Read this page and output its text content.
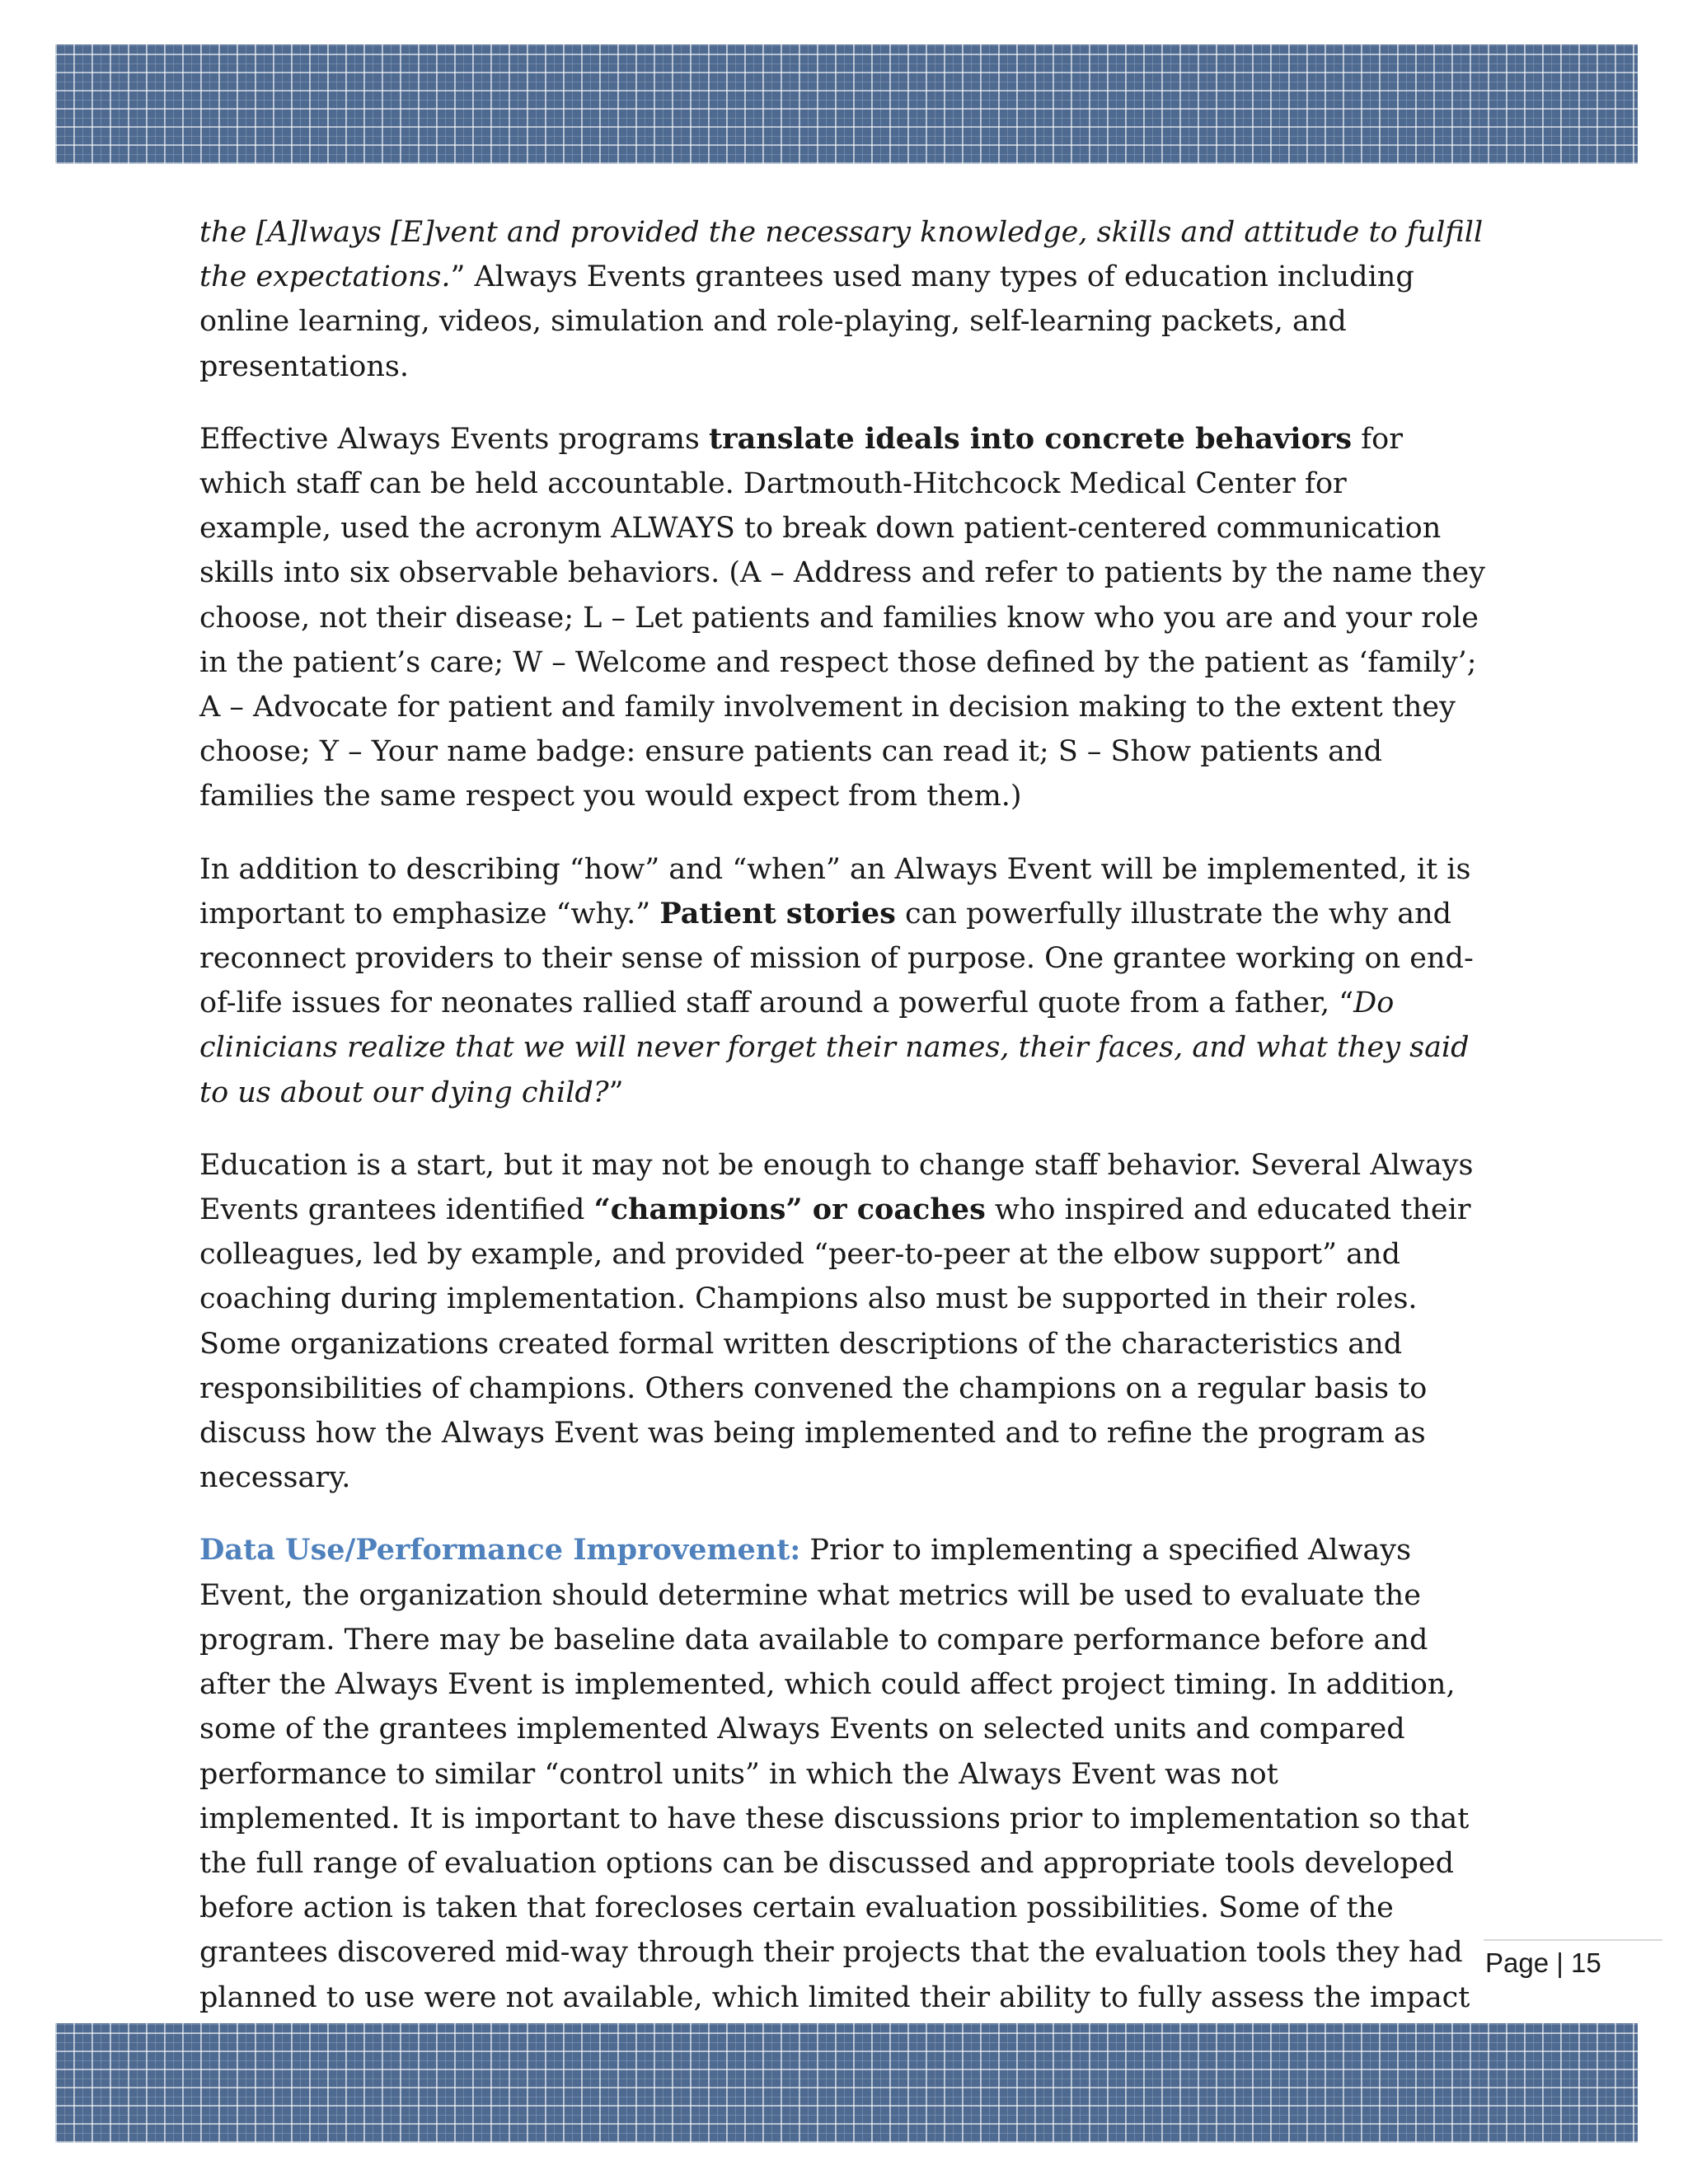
the [A]lways [E]vent and provided the necessary knowledge, skills and attitude to fulfill the expectations.” Always Events grantees used many types of education including online learning, videos, simulation and role-playing, self-learning packets, and presentations.

Effective Always Events programs translate ideals into concrete behaviors for which staff can be held accountable. Dartmouth-Hitchcock Medical Center for example, used the acronym ALWAYS to break down patient-centered communication skills into six observable behaviors. (A – Address and refer to patients by the name they choose, not their disease; L – Let patients and families know who you are and your role in the patient’s care; W – Welcome and respect those defined by the patient as ‘family’; A – Advocate for patient and family involvement in decision making to the extent they choose; Y – Your name badge: ensure patients can read it; S – Show patients and families the same respect you would expect from them.)

In addition to describing “how” and “when” an Always Event will be implemented, it is important to emphasize “why.” Patient stories can powerfully illustrate the why and reconnect providers to their sense of mission of purpose. One grantee working on end-of-life issues for neonates rallied staff around a powerful quote from a father, “Do clinicians realize that we will never forget their names, their faces, and what they said to us about our dying child?”

Education is a start, but it may not be enough to change staff behavior. Several Always Events grantees identified “champions” or coaches who inspired and educated their colleagues, led by example, and provided “peer-to-peer at the elbow support” and coaching during implementation. Champions also must be supported in their roles. Some organizations created formal written descriptions of the characteristics and responsibilities of champions. Others convened the champions on a regular basis to discuss how the Always Event was being implemented and to refine the program as necessary.

Data Use/Performance Improvement: Prior to implementing a specified Always Event, the organization should determine what metrics will be used to evaluate the program. There may be baseline data available to compare performance before and after the Always Event is implemented, which could affect project timing. In addition, some of the grantees implemented Always Events on selected units and compared performance to similar “control units” in which the Always Event was not implemented. It is important to have these discussions prior to implementation so that the full range of evaluation options can be discussed and appropriate tools developed before action is taken that forecloses certain evaluation possibilities. Some of the grantees discovered mid-way through their projects that the evaluation tools they had planned to use were not available, which limited their ability to fully assess the impact

Page | 15
